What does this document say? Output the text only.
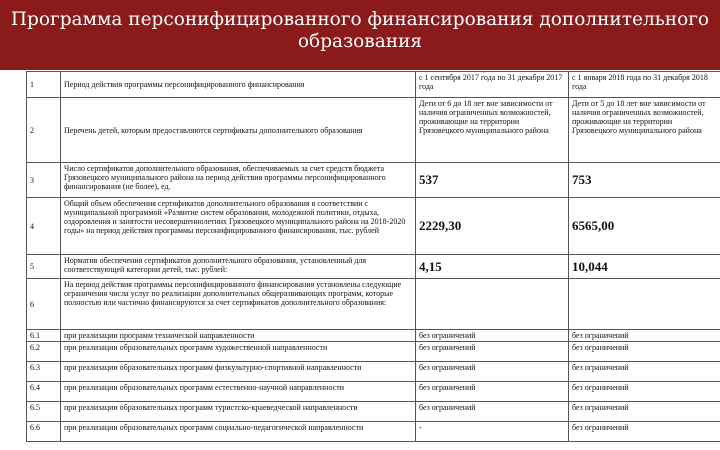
Программа персонифицированного финансирования дополнительного
образования
1	Период действия программы персонифицированного финансирования	с 1 сентября 2017 года по 31 декабря 2017 года	с 1 января 2018 года по 31 декабря 2018 года
2	Перечень детей, которым предоставляются сертификаты дополнительного образования	Дети от 6 до 18 лет вне зависимости от наличия ограниченных возможностей, проживающие на территории Грязовецкого муниципального района	Дети от 5 до 18 лет вне зависимости от наличия ограниченных возможностей, проживающие на территории Грязовецкого муниципального района
3	Число сертификатов дополнительного образования, обеспечиваемых за счет средств бюджета Грязовецкого муниципального района на период действия программы персонифицированного финансирования (не более), ед.	537	753
4	Общий объем обеспечения сертификатов дополнительного образования в соответствии с муниципальной программой «Развитие систем образования, молодежной политики, отдыха, оздоровления и занятости несовершеннолетних Грязовецкого муниципального района на 2018-2020 годы» на период действия программы персонифицированного финансирования, тыс. рублей	2229,30	6565,00
5	Норматив обеспечения сертификатов дополнительного образования, установленный для соответствующей категории детей, тыс. рублей:	4,15	10,044
6	На период действия программы персонифицированного финансирования установлены следующие ограничения числа услуг по реализации дополнительных общеразвивающих программ, которые полностью или частично финансируются за счет сертификатов дополнительного образования:		
6.1	при реализации программ технической направленности	без ограничений	без ограничений
6.2	при реализации образовательных программ художественной направленности	без ограничений	без ограничений
6.3	при реализации образовательных программ физкультурно-спортивной направленности	без ограничений	без ограничений
6.4	при реализации образовательных программ естественно-научной направленности	без ограничений	без ограничений
6.5	при реализации образовательных программ туристско-краеведческой направленности	без ограничений	без ограничений
6.6	при реализации образовательных программ социально-педагогической направленности	-	без ограничений
